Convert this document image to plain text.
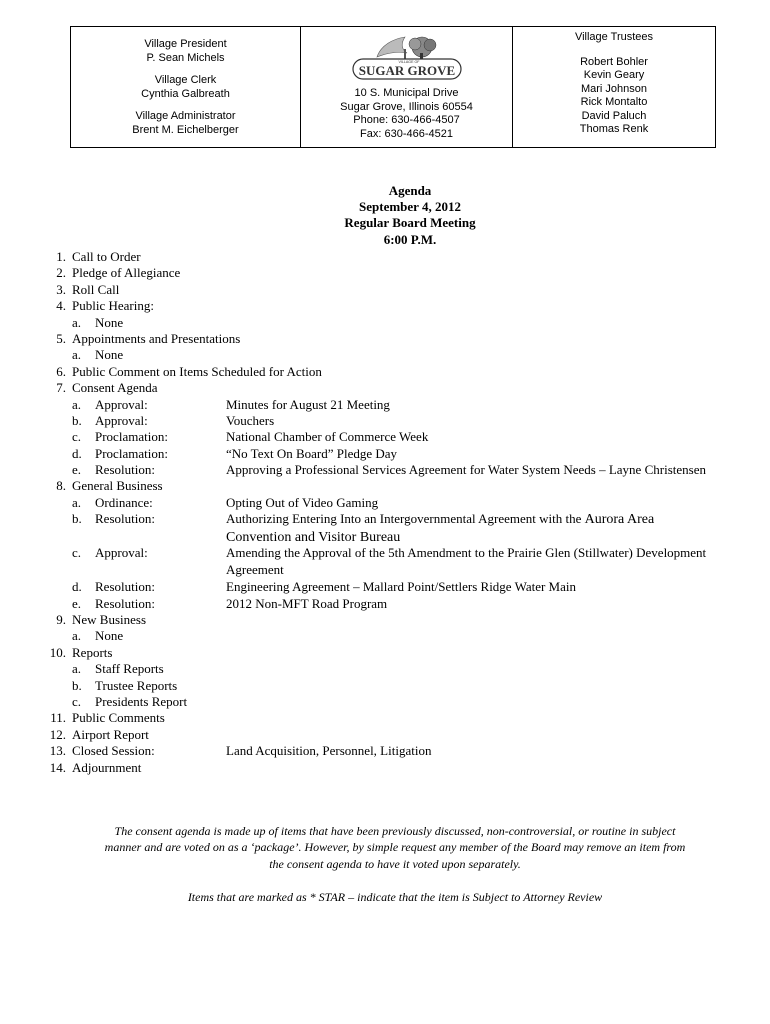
Village President
P. Sean Michels
Village Clerk
Cynthia Galbreath
Village Administrator
Brent M. Eichelberger
VILLAGE OF
SUGAR GROVE
10 S. Municipal Drive
Sugar Grove, Illinois 60554
Phone: 630-466-4507
Fax: 630-466-4521
Village Trustees
Robert Bohler
Kevin Geary
Mari Johnson
Rick Montalto
David Paluch
Thomas Renk
Agenda
September 4, 2012
Regular Board Meeting
6:00 P.M.
1. Call to Order
2. Pledge of Allegiance
3. Roll Call
4. Public Hearing:
a. None
5. Appointments and Presentations
a. None
6. Public Comment on Items Scheduled for Action
7. Consent Agenda
a. Approval:	Minutes for August 21 Meeting
b. Approval:	Vouchers
c. Proclamation:	National Chamber of Commerce Week
d. Proclamation:	“No Text On Board” Pledge Day
e. Resolution:	Approving a Professional Services Agreement for Water System Needs – Layne Christensen
8. General Business
a. Ordinance:	Opting Out of Video Gaming
b. Resolution:	Authorizing Entering Into an Intergovernmental Agreement with the Aurora Area
Convention and Visitor Bureau
c. Approval:	Amending the Approval of the 5th Amendment to the Prairie Glen (Stillwater) Development
Agreement
d. Resolution:	Engineering Agreement – Mallard Point/Settlers Ridge Water Main
e. Resolution:	2012 Non-MFT Road Program
9. New Business
a. None
10. Reports
a. Staff Reports
b. Trustee Reports
c. Presidents Report
11. Public Comments
12. Airport Report
13. Closed Session:	Land Acquisition, Personnel, Litigation
14. Adjournment
The consent agenda is made up of items that have been previously discussed, non-controversial, or routine in subject
manner and are voted on as a ‘package’. However, by simple request any member of the Board may remove an item from
the consent agenda to have it voted upon separately.
Items that are marked as * STAR – indicate that the item is Subject to Attorney Review
